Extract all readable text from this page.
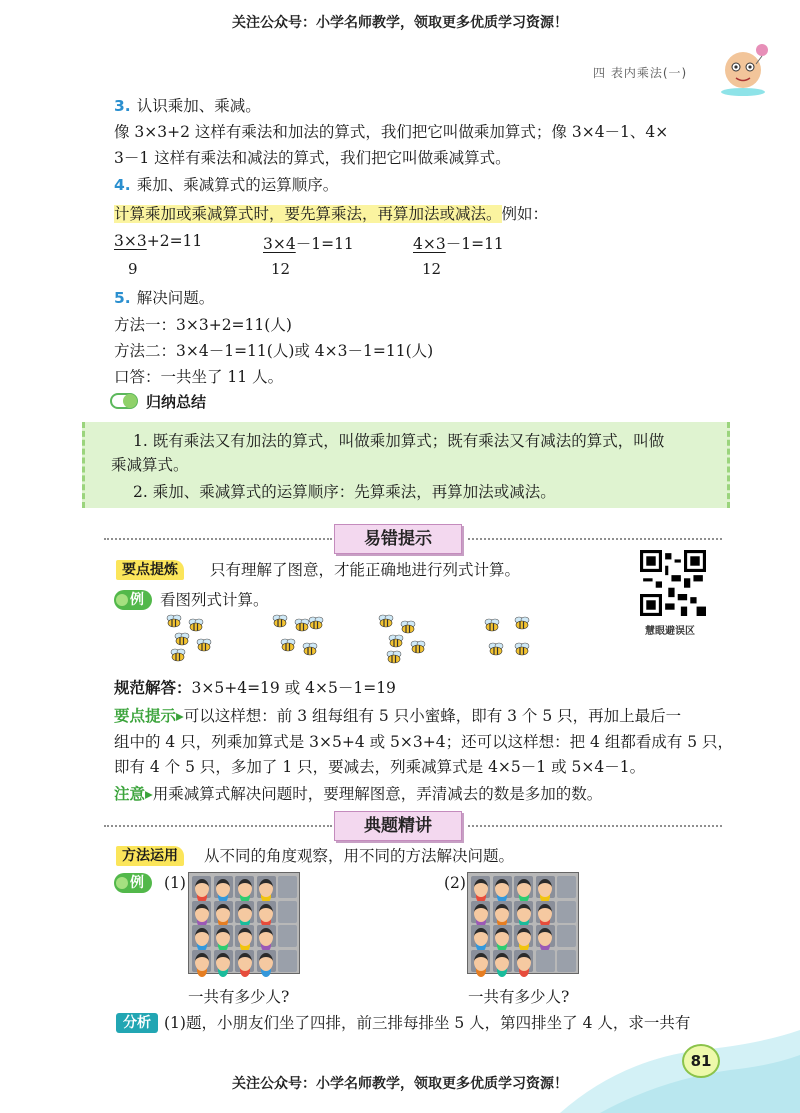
关注公众号：小学名师教学，领取更多优质学习资源！
四 表内乘法(一)
3. 认识乘加、乘减。
像 3×3+2 这样有乘法和加法的算式，我们把它叫做乘加算式；像 3×4－1、4×
3－1 这样有乘法和减法的算式，我们把它叫做乘减算式。
4. 乘加、乘减算式的运算顺序。
计算乘加或乘减算式时，要先算乘法，再算加法或减法。例如：
3×3+2=11
9
3×4－1=11
12
4×3－1=11
12
5. 解决问题。
方法一：3×3+2=11(人)
方法二：3×4－1=11(人)或 4×3－1=11(人)
口答：一共坐了 11 人。
归纳总结

1. 既有乘法又有加法的算式，叫做乘加算式；既有乘法又有减法的算式，叫做

乘减算式。

2. 乘加、乘减算式的运算顺序：先算乘法，再算加法或减法。

易错提示
要点提炼	只有理解了图意，才能正确地进行列式计算。
慧眼避误区
例	看图列式计算。
规范解答：3×5+4=19 或 4×5－1=19
要点提示▸可以这样想：前 3 组每组有 5 只小蜜蜂，即有 3 个 5 只，再加上最后一
组中的 4 只，列乘加算式是 3×5+4 或 5×3+4；还可以这样想：把 4 组都看成有 5 只，
即有 4 个 5 只，多加了 1 只，要减去，列乘减算式是 4×5－1 或 5×4－1。
注意▸用乘减算式解决问题时，要理解图意，弄清减去的数是多加的数。
典题精讲
方法运用	从不同的角度观察，用不同的方法解决问题。
例	(1)	(2)
一共有多少人?	一共有多少人?
分析 (1)题，小朋友们坐了四排，前三排每排坐 5 人，第四排坐了 4 人，求一共有
81
关注公众号：小学名师教学，领取更多优质学习资源！
